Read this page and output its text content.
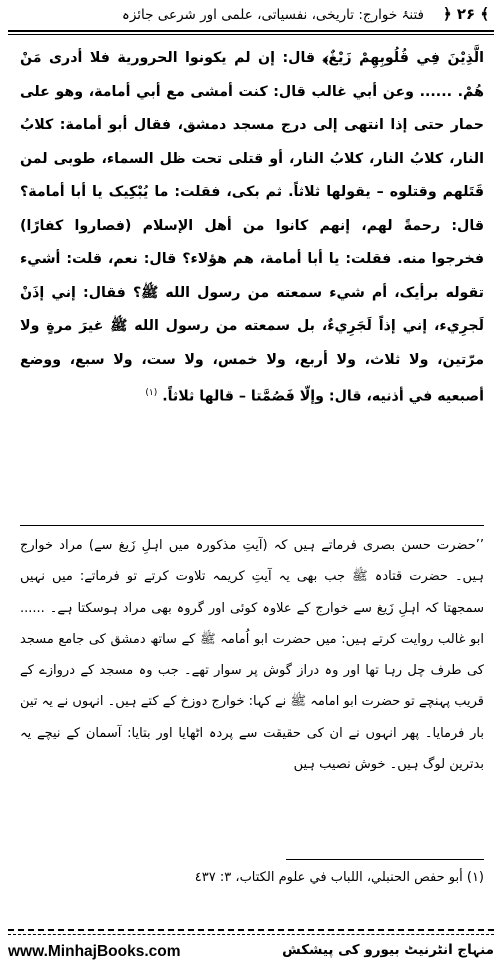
﴾ ۲۶ ﴿
فتنۂ خوارج: تاریخی، نفسیاتی، علمی اور شرعی جائزہ
الَّذِيْنَ فِي قُلُوبِهِمْ زَيْغٌ﴾ قال: إن لم يكونوا الحرورية فلا أدرى مَنْ هُمْ. ...... وعن أبي غالب قال: كنت أمشى مع أبي أمامة، وهو على حمار حتى إذا انتهى إلى درج مسجد دمشق، فقال أبو أمامة: كلابُ النار، كلابُ النار، كلابُ النار، أو قتلى تحت ظل السماء، طوبى لمن قَتَلهم وقتلوه – يقولها ثلاثاً. ثم بكى، فقلت: ما يُبْكِيک يا أبا أمامة؟ قال: رحمةً لهم، إنهم كانوا من أهل الإسلام (فصاروا كفارًا) فخرجوا منه. فقلت: يا أبا أمامة، هم هؤلاء؟ قال: نعم، قلت: أشيء تقوله برأيک، أم شيء سمعته من رسول الله ﷺ؟ فقال: إني إذَنْ لَجرِيء، إني إذاً لَجَرِيءٌ، بل سمعته من رسول الله ﷺ غيرَ مرةٍ ولا مرّتين، ولا ثلاث، ولا أربع، ولا خمس، ولا ست، ولا سبع، ووضع أصبعيه في أذنيه، قال: وإلّا فَصُمَّتا – قالها ثلاثاً. $^{(۱)}$
’’حضرت حسن بصری فرماتے ہیں کہ (آیتِ مذکورہ میں اہلِ زَیغ سے) مراد خوارج ہیں۔ حضرت قتادہ ﷺ جب بھی یہ آیتِ کریمہ تلاوت کرتے تو فرماتے: میں نہیں سمجھتا کہ اہلِ زَیغ سے خوارج کے علاوہ کوئی اور گروہ بھی مراد ہوسکتا ہے۔ ...... ابو غالب روایت کرتے ہیں: میں حضرت ابو اُمامہ ﷺ کے ساتھ دمشق کی جامع مسجد کی طرف چل رہا تھا اور وہ دراز گوش پر سوار تھے۔ جب وہ مسجد کے دروازے کے قریب پہنچے تو حضرت ابو امامہ ﷺ نے کہا: خوارج دوزخ کے کتے ہیں۔ انہوں نے یہ تین بار فرمایا۔ پھر انہوں نے ان کی حقیقت سے پردہ اٹھایا اور بتایا: آسمان کے نیچے یہ بدترین لوگ ہیں۔ خوش نصیب ہیں
(١) أبو حفص الحنبلي، اللباب في علوم الكتاب، ٣: ٤٣٧
www.MinhajBooks.com	منہاج انٹرنیٹ بیورو کی پیشکش
